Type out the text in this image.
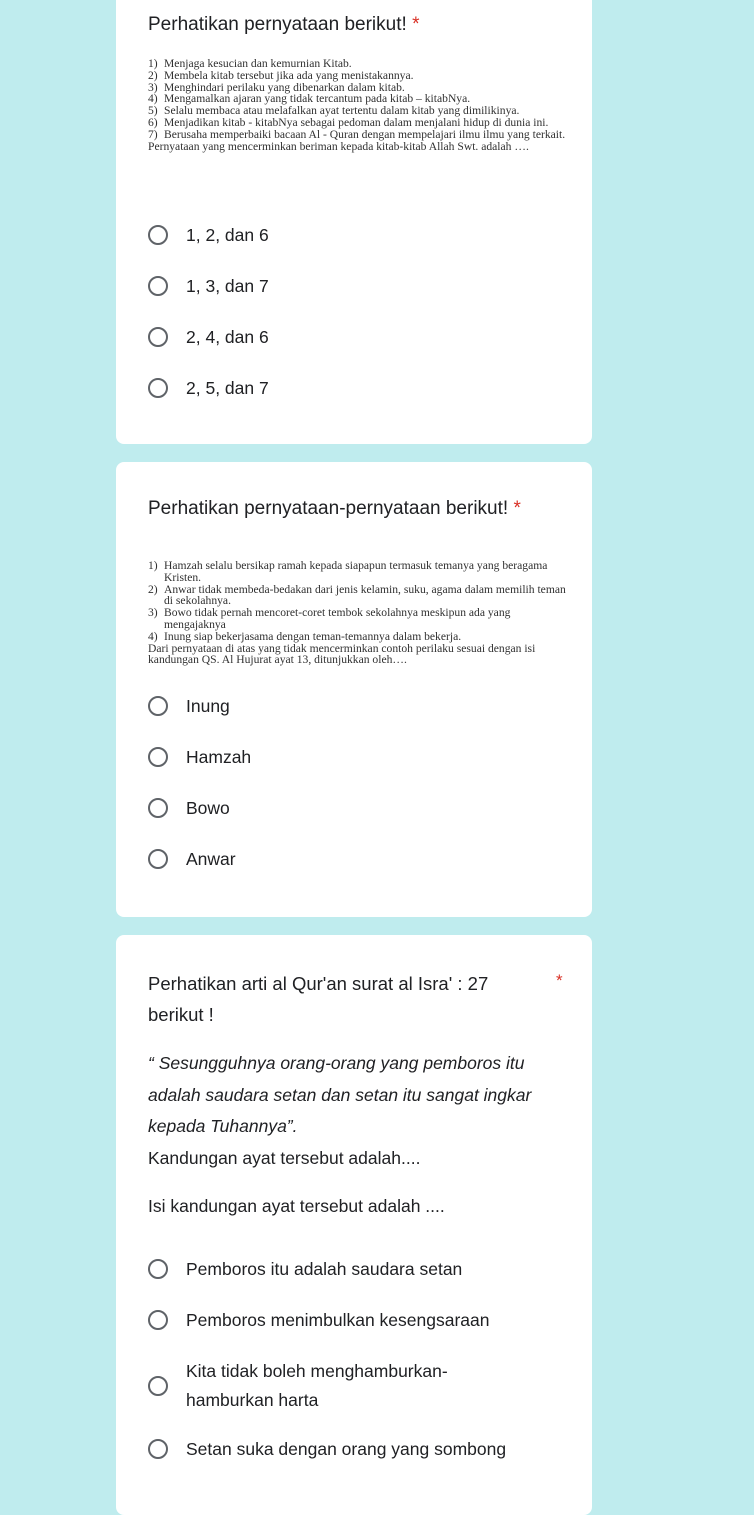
Perhatikan pernyataan berikut! *
1) Menjaga kesucian dan kemurnian Kitab.
2) Membela kitab tersebut jika ada yang menistakannya.
3) Menghindari perilaku yang dibenarkan dalam kitab.
4) Mengamalkan ajaran yang tidak tercantum pada kitab – kitabNya.
5) Selalu membaca atau melafalkan ayat tertentu dalam kitab yang dimilikinya.
6) Menjadikan kitab - kitabNya sebagai pedoman dalam menjalani hidup di dunia ini.
7) Berusaha memperbaiki bacaan Al - Quran dengan mempelajari ilmu ilmu yang terkait.
Pernyataan yang mencerminkan beriman kepada kitab-kitab Allah Swt. adalah ….
1, 2, dan 6
1, 3, dan 7
2, 4, dan 6
2, 5, dan 7
Perhatikan pernyataan-pernyataan berikut! *
1) Hamzah selalu bersikap ramah kepada siapapun termasuk temanya yang beragama Kristen.
2) Anwar tidak membeda-bedakan dari jenis kelamin, suku, agama dalam memilih teman di sekolahnya.
3) Bowo tidak pernah mencoret-coret tembok sekolahnya meskipun ada yang mengajaknya
4) Inung siap bekerjasama dengan teman-temannya dalam bekerja.
Dari pernyataan di atas yang tidak mencerminkan contoh perilaku sesuai dengan isi kandungan QS. Al Hujurat ayat 13, ditunjukkan oleh….
Inung
Hamzah
Bowo
Anwar
Perhatikan arti al Qur'an surat al Isra' : 27
berikut !
*
“ Sesungguhnya orang-orang yang pemboros itu adalah saudara setan dan setan itu sangat ingkar kepada Tuhannya”.
Kandungan ayat tersebut adalah....
Isi kandungan ayat tersebut adalah ....
Pemboros itu adalah saudara setan
Pemboros menimbulkan kesengsaraan
Kita tidak boleh menghamburkan-hamburkan harta
Setan suka dengan orang yang sombong
